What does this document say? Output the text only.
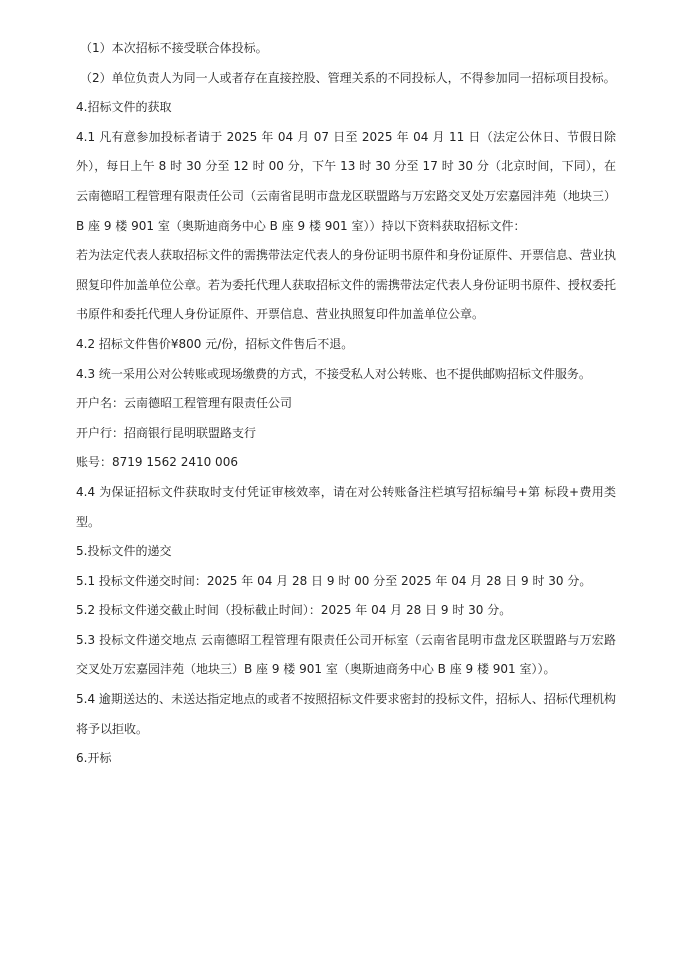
（1）本次招标不接受联合体投标。

（2）单位负责人为同一人或者存在直接控股、管理关系的不同投标人，不得参加同一招标项目投标。

4.招标文件的获取

4.1 凡有意参加投标者请于 2025 年 04 月 07 日至 2025 年 04 月 11 日（法定公休日、节假日除外），每日上午 8 时 30 分至 12 时 00 分，下午 13 时 30 分至 17 时 30 分（北京时间，下同），在云南德昭工程管理有限责任公司（云南省昆明市盘龙区联盟路与万宏路交叉处万宏嘉园沣苑（地块三）B 座 9 楼 901 室（奥斯迪商务中心 B 座 9 楼 901 室））持以下资料获取招标文件：

若为法定代表人获取招标文件的需携带法定代表人的身份证明书原件和身份证原件、开票信息、营业执照复印件加盖单位公章。若为委托代理人获取招标文件的需携带法定代表人身份证明书原件、授权委托书原件和委托代理人身份证原件、开票信息、营业执照复印件加盖单位公章。

4.2 招标文件售价¥800 元/份，招标文件售后不退。

4.3 统一采用公对公转账或现场缴费的方式，不接受私人对公转账、也不提供邮购招标文件服务。

开户名：云南德昭工程管理有限责任公司

开户行：招商银行昆明联盟路支行

账号：8719 1562 2410 006

4.4 为保证招标文件获取时支付凭证审核效率，请在对公转账备注栏填写招标编号+第 标段+费用类型。

5.投标文件的递交

5.1 投标文件递交时间：2025 年 04 月 28 日 9 时 00 分至 2025 年 04 月 28 日 9 时 30 分。

5.2 投标文件递交截止时间（投标截止时间）：2025 年 04 月 28 日 9 时 30 分。

5.3 投标文件递交地点 云南德昭工程管理有限责任公司开标室（云南省昆明市盘龙区联盟路与万宏路交叉处万宏嘉园沣苑（地块三）B 座 9 楼 901 室（奥斯迪商务中心 B 座 9 楼 901 室））。

5.4 逾期送达的、未送达指定地点的或者不按照招标文件要求密封的投标文件，招标人、招标代理机构将予以拒收。

6.开标
